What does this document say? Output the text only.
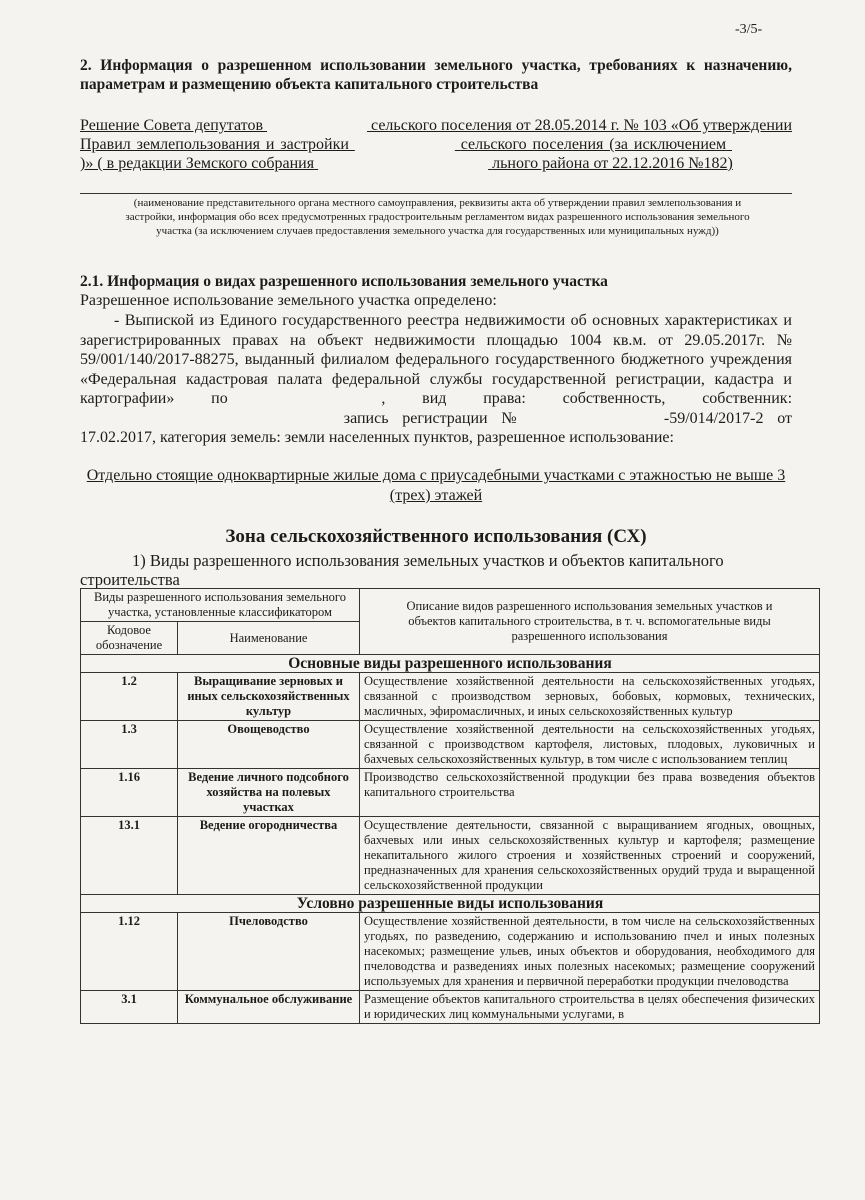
-3/5-
2. Информация о разрешенном использовании земельного участка, требованиях к назначению, параметрам и размещению объекта капитального строительства
Решение Совета депутатов	сельского поселения от 28.05.2014 г. № 103 «Об утверждении Правил землепользования и застройки	сельского поселения (за исключением  )» ( в редакции Земского собрания	льного района от 22.12.2016 №182)
(наименование представительного органа местного самоуправления, реквизиты акта об утверждении правил землепользования и застройки, информация обо всех предусмотренных градостроительным регламентом видах разрешенного использования земельного участка (за исключением случаев предоставления земельного участка для государственных или муниципальных нужд))
2.1. Информация о видах разрешенного использования земельного участка
Разрешенное использование земельного участка определено:
- Выпиской из Единого государственного реестра недвижимости об основных характеристиках и зарегистрированных правах на объект недвижимости площадью 1004 кв.м. от 29.05.2017г. № 59/001/140/2017-88275, выданный филиалом федерального государственного бюджетного учреждения «Федеральная кадастровая палата федеральной службы государственной регистрации, кадастра и картографии» по	, вид права: собственность, собственник:  запись регистрации №	-59/014/2017-2 от 17.02.2017, категория земель: земли населенных пунктов, разрешенное использование:
Отдельно стоящие одноквартирные жилые дома с приусадебными участками с этажностью не выше 3 (трех) этажей
Зона сельскохозяйственного использования (СХ)
1) Виды разрешенного использования земельных участков и объектов капитального строительства
Виды разрешенного использования земельного участка, установленные классификатором		Описание видов разрешенного использования земельных участков и объектов капитального строительства, в т. ч. вспомогательные виды разрешенного использования
Кодовое обозначение	Наименование	
Основные виды разрешенного использования		
1.2	Выращивание зерновых и иных сельскохозяйственных культур	Осуществление хозяйственной деятельности на сельскохозяйственных угодьях, связанной с производством зерновых, бобовых, кормовых, технических, масличных, эфиромасличных, и иных сельскохозяйственных культур
1.3	Овощеводство	Осуществление хозяйственной деятельности на сельскохозяйственных угодьях, связанной с производством картофеля, листовых, плодовых, луковичных и бахчевых сельскохозяйственных культур, в том числе с использованием теплиц
1.16	Ведение личного подсобного хозяйства на полевых участках	Производство сельскохозяйственной продукции без права возведения объектов капитального строительства
13.1	Ведение огородничества	Осуществление деятельности, связанной с выращиванием ягодных, овощных, бахчевых или иных сельскохозяйственных культур и картофеля; размещение некапитального жилого строения и хозяйственных строений и сооружений, предназначенных для хранения сельскохозяйственных орудий труда и выращенной сельскохозяйственной продукции
Условно разрешенные виды использования		
1.12	Пчеловодство	Осуществление хозяйственной деятельности, в том числе на сельскохозяйственных угодьях, по разведению, содержанию и использованию пчел и иных полезных насекомых; размещение ульев, иных объектов и оборудования, необходимого для пчеловодства и разведениях иных полезных насекомых; размещение сооружений используемых для хранения и первичной переработки продукции пчеловодства
3.1	Коммунальное обслуживание	Размещение объектов капитального строительства в целях обеспечения физических и юридических лиц коммунальными услугами, в
